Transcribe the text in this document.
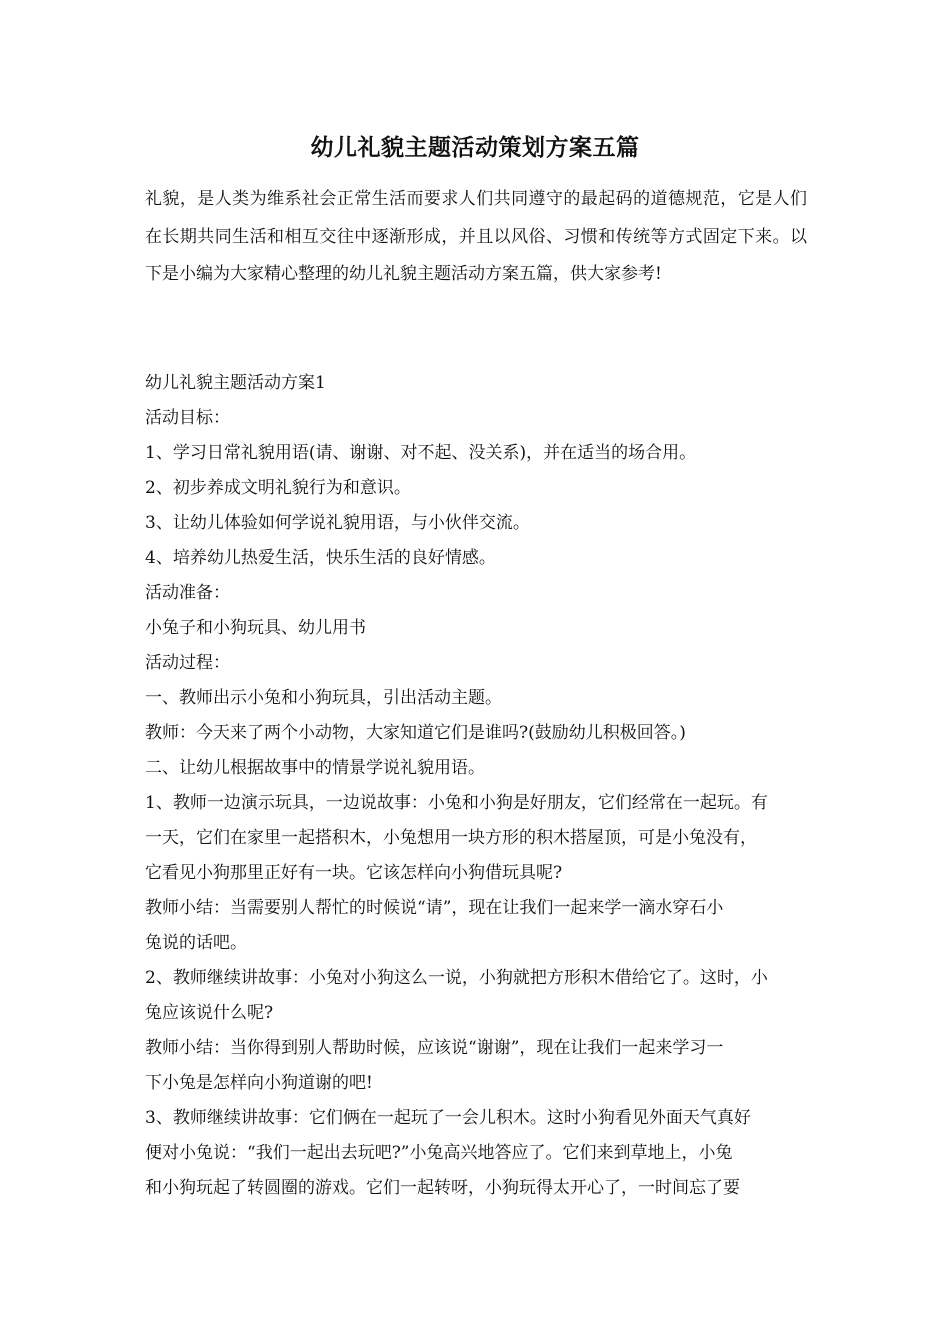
幼儿礼貌主题活动策划方案五篇

礼貌，是人类为维系社会正常生活而要求人们共同遵守的最起码的道德规范，它是人们在长期共同生活和相互交往中逐渐形成，并且以风俗、习惯和传统等方式固定下来。以下是小编为大家精心整理的幼儿礼貌主题活动方案五篇，供大家参考!

幼儿礼貌主题活动方案1
活动目标：
1、学习日常礼貌用语(请、谢谢、对不起、没关系)，并在适当的场合用。
2、初步养成文明礼貌行为和意识。
3、让幼儿体验如何学说礼貌用语，与小伙伴交流。
4、培养幼儿热爱生活，快乐生活的良好情感。
活动准备：
小兔子和小狗玩具、幼儿用书
活动过程：
一、教师出示小兔和小狗玩具，引出活动主题。
教师：今天来了两个小动物，大家知道它们是谁吗?(鼓励幼儿积极回答。)
二、让幼儿根据故事中的情景学说礼貌用语。
1、教师一边演示玩具，一边说故事：小兔和小狗是好朋友，它们经常在一起玩。有
一天，它们在家里一起搭积木，小兔想用一块方形的积木搭屋顶，可是小兔没有，
它看见小狗那里正好有一块。它该怎样向小狗借玩具呢?
教师小结：当需要别人帮忙的时候说“请”，现在让我们一起来学一滴水穿石小
兔说的话吧。
2、教师继续讲故事：小兔对小狗这么一说，小狗就把方形积木借给它了。这时，小
兔应该说什么呢?
教师小结：当你得到别人帮助时候，应该说“谢谢”，现在让我们一起来学习一
下小兔是怎样向小狗道谢的吧!
3、教师继续讲故事：它们俩在一起玩了一会儿积木。这时小狗看见外面天气真好
便对小兔说：“我们一起出去玩吧?”小兔高兴地答应了。它们来到草地上，小兔
和小狗玩起了转圆圈的游戏。它们一起转呀，小狗玩得太开心了，一时间忘了要
